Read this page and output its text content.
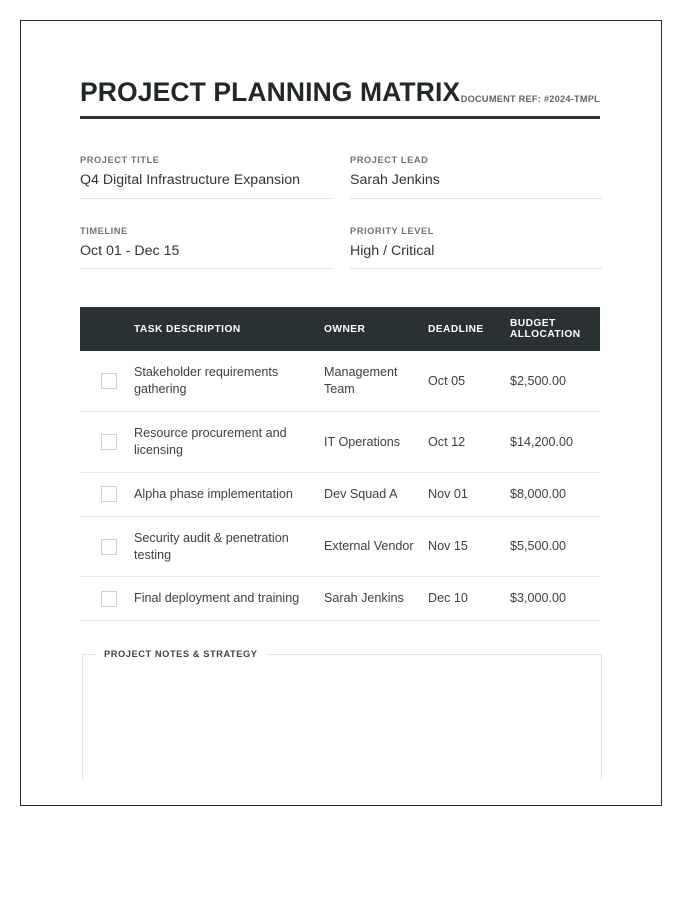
PROJECT PLANNING MATRIX DOCUMENT REF: #2024-TMPL
PROJECT TITLE
Q4 Digital Infrastructure Expansion
PROJECT LEAD
Sarah Jenkins
TIMELINE
Oct 01 - Dec 15
PRIORITY LEVEL
High / Critical
	TASK DESCRIPTION	OWNER	DEADLINE	BUDGET ALLOCATION

	Stakeholder requirements gathering	Management Team	Oct 05	$2,500.00

	Resource procurement and licensing	IT Operations	Oct 12	$14,200.00

	Alpha phase implementation	Dev Squad A	Nov 01	$8,000.00

	Security audit & penetration testing	External Vendor	Nov 15	$5,500.00

	Final deployment and training	Sarah Jenkins	Dec 10	$3,000.00
PROJECT NOTES & STRATEGY
